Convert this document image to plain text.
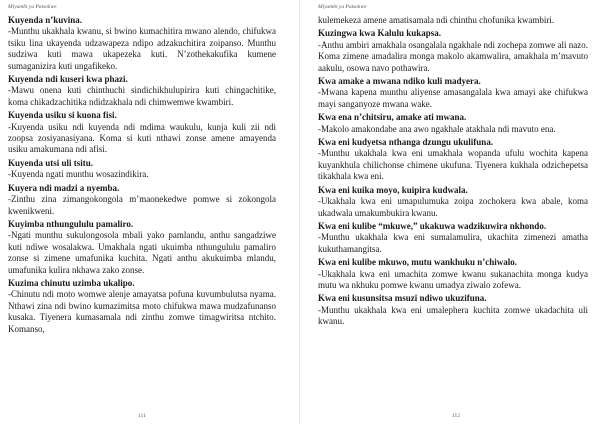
Miyambi ya Patsokwe

Kuyenda n’kuvina.

-Munthu ukakhala kwanu, si bwino kumachitira mwano alendo, chifukwa tsiku lina ukayenda udzawapeza ndipo adzakuchitira zoipanso. Munthu sudziwa kuti mawa ukapezeka kuti. N’zothekakufika kumene sumaganizira kuti ungafikeko.

Kuyenda ndi kuseri kwa phazi.

-Mawu onena kuti chinthuchi sindichikhulupirira kuti chingachitike, koma chikadzachitika ndidzakhala ndi chimwemwe kwambiri.

Kuyenda usiku si kuona fisi.

-Kuyenda usiku ndi kuyenda ndi mdima waukulu, kunja kuli zii ndi zoopsa zosiyanasiyana. Koma si kuti nthawi zonse amene amayenda usiku amakumana ndi afisi.

Kuyenda utsi uli tsitu.

-Kuyenda ngati munthu wosazindikira.

Kuyera ndi madzi a nyemba.

-Zinthu zina zimangokongola m’maonekedwe pomwe si zokongola kwenikweni.

Kuyimba nthungululu pamaliro.

-Ngati munthu sukulongosola mbali yako pamlandu, anthu sangadziwe kuti ndiwe wosalakwa. Umakhala ngati ukuimba nthungululu pamaliro zonse si zimene umafunika kuchita. Ngati anthu akukuimba mlandu, umafunika kulira nkhawa zako zonse.

Kuzima chinutu uzimba ukalipo.

-Chinutu ndi moto womwe alenje amayatsa pofuna kuvumbulutsa nyama. Nthawi zina ndi bwino kumazimitsa moto chifukwa mawa mudzafunanso kusaka. Tiyenera kumasamala ndi zinthu zomwe timagwiritsa ntchito. Komanso,

111
Miyambi ya Patsokwe

kulemekeza amene amatisamala ndi chinthu chofunika kwambiri.

Kuzingwa kwa Kalulu kukapsa.

-Anthu ambiri amakhala osangalala ngakhale ndi zochepa zomwe ali nazo. Koma zimene amadalira monga makolo akamwalira, amakhala m’mavuto aakulu, osowa navo pothawira.

Kwa amake a mwana ndiko kuli madyera.

-Mwana kapena munthu aliyense amasangalala kwa amayi ake chifukwa mayi sanganyoze mwana wake.

Kwa ena n’chitsiru, amake ati mwana.

-Makolo amakondabe ana awo ngakhale atakhala ndi mavuto ena.

Kwa eni kudyetsa nthanga dzungu ukulifuna.

-Munthu ukakhala kwa eni umakhala wopanda ufulu wochita kapena kuyankhula chilichonse chimene ukufuna. Tiyenera kukhala odzichepetsa tikakhala kwa eni.

Kwa eni kuika moyo, kuipira kudwala.

-Ukakhala kwa eni umapulumuka zoipa zochokera kwa abale, koma ukadwala umakumbukira kwanu.

Kwa eni kulibe “mkuwe,” ukakuwa wadzikuwira nkhondo.

-Munthu ukakhala kwa eni sumalamulira, ukachita zimenezi amatha kukuthamangitsa.

Kwa eni kulibe mkuwo, mutu wankhuku n’chiwalo.

-Ukakhala kwa eni umachita zomwe kwanu sukanachita monga kudya mutu wa nkhuku pomwe kwanu umadya ziwalo zofewa.

Kwa eni kusunsitsa msuzi ndiwo ukuzifuna.

-Munthu ukakhala kwa eni umalephera kuchita zomwe ukadachita uli kwanu.

112
